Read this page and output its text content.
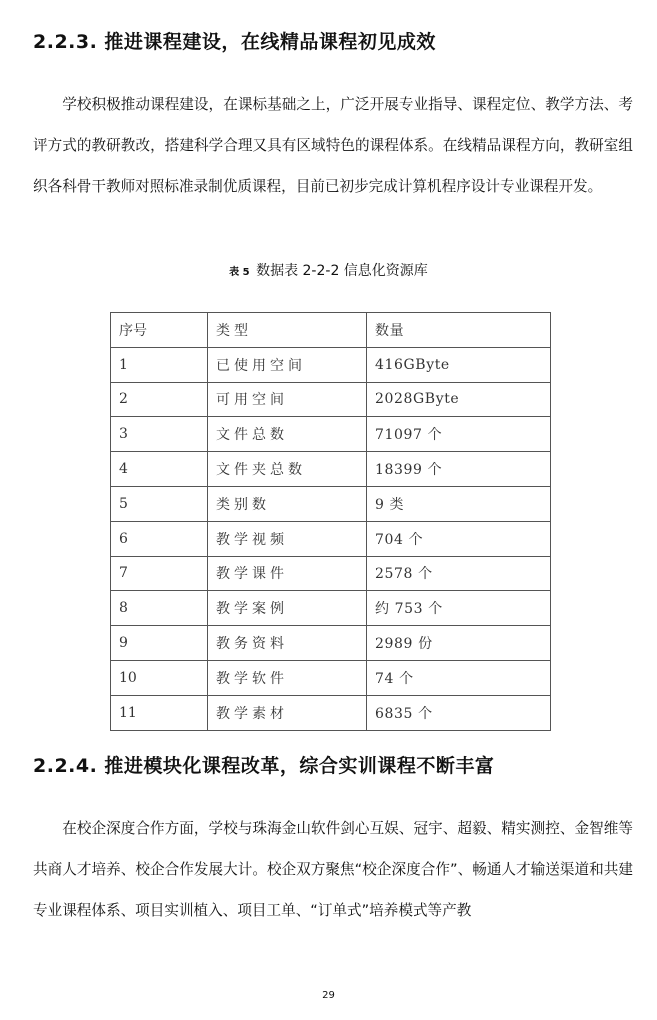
2.2.3. 推进课程建设，在线精品课程初见成效

学校积极推动课程建设，在课标基础之上，广泛开展专业指导、课程定位、教学方法、考评方式的教研教改，搭建科学合理又具有区域特色的课程体系。在线精品课程方向，教研室组织各科骨干教师对照标准录制优质课程，目前已初步完成计算机程序设计专业课程开发。

表 5 数据表 2-2-2 信息化资源库
序号	类型	数量
1	已使用空间	416GByte
2	可用空间	2028GByte
3	文件总数	71097 个
4	文件夹总数	18399 个
5	类别数	9 类
6	教学视频	704 个
7	教学课件	2578 个
8	教学案例	约 753 个
9	教务资料	2989 份
10	教学软件	74 个
11	教学素材	6835 个
2.2.4. 推进模块化课程改革，综合实训课程不断丰富

在校企深度合作方面，学校与珠海金山软件剑心互娱、冠宇、超毅、精实测控、金智维等共商人才培养、校企合作发展大计。校企双方聚焦“校企深度合作”、畅通人才输送渠道和共建专业课程体系、项目实训植入、项目工单、“订单式”培养模式等产教

29
